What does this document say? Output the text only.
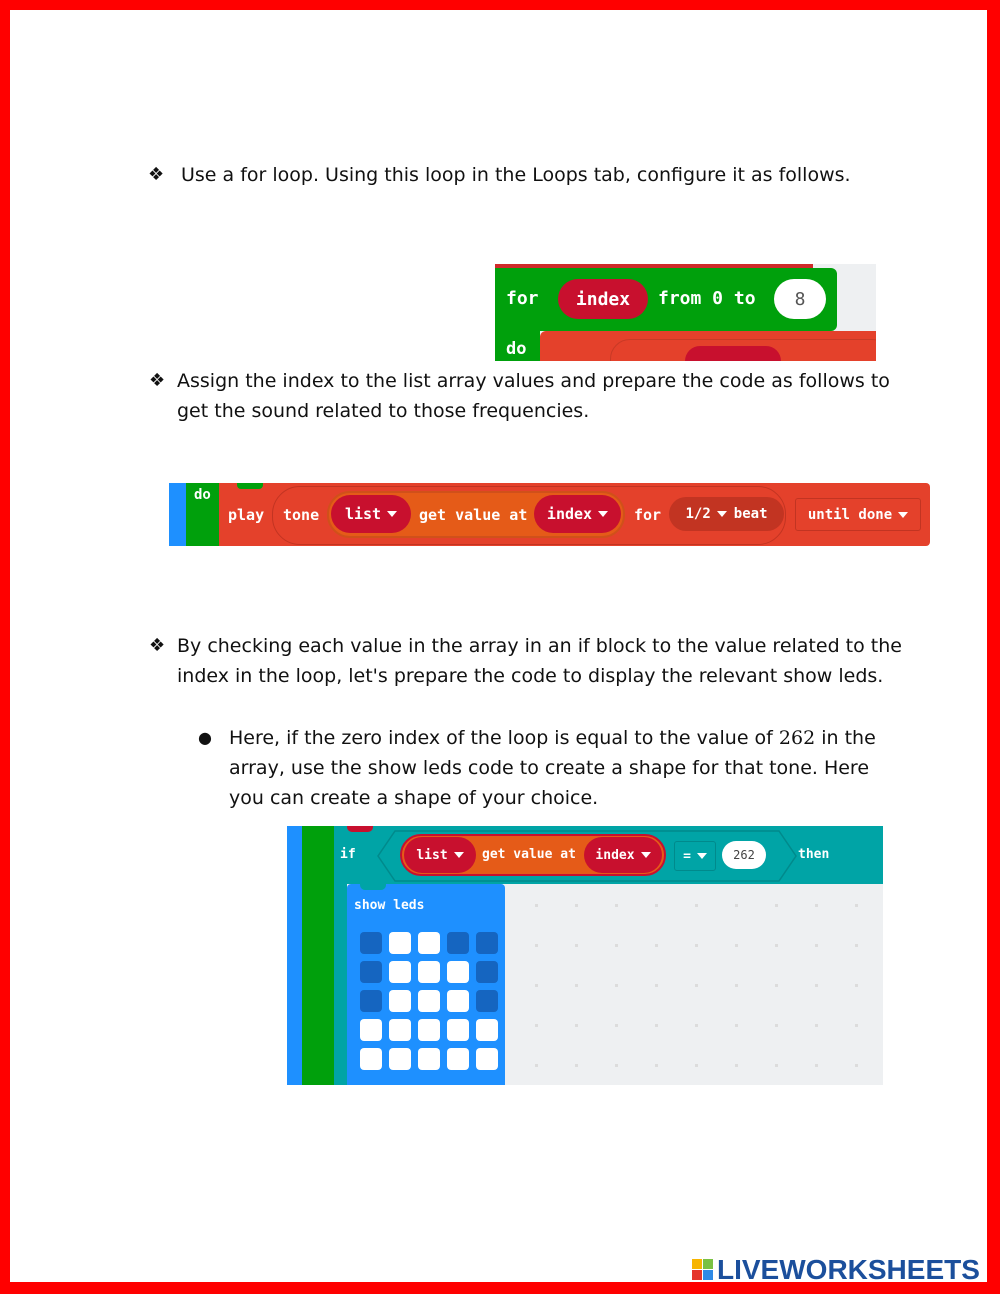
❖ Use a for loop. Using this loop in the Loops tab, configure it as follows.
for index from 0 to 8
do
❖ Assign the index to the list array values and prepare the code as follows to
get the sound related to those frequencies.
do
play tone list	get value at index	for 1/2 beat	until done
❖ By checking each value in the array in an if block to the value related to the
index in the loop, let's prepare the code to display the relevant show leds.
● Here, if the zero index of the loop is equal to the value of 262 in the
array, use the show leds code to create a shape for that tone. Here
you can create a shape of your choice.
if	list	get value at index	=	262	then
show leds
LIVEWORKSHEETS
